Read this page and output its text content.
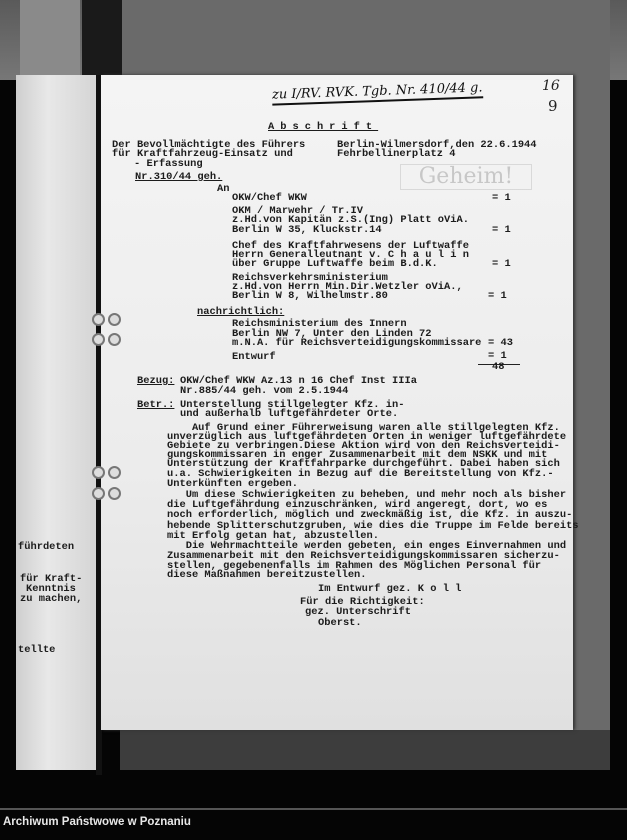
führdeten
für Kraft-
Kenntnis
zu machen,
tellte
zu I/RV. RVK. Tgb. Nr. 410/44 g.	16
9
Geheim!
Abschrift
Der Bevollmächtigte des Führers
für Kraftfahrzeug-Einsatz und
- Erfassung
Berlin-Wilmersdorf,den 22.6.1944
Fehrbellinerplatz 4
Nr.310/44 geh.
An
OKW/Chef WKW	= 1
OKM / Marwehr / Tr.IV
z.Hd.von Kapitän z.S.(Ing) Platt oViA.
Berlin W 35, Kluckstr.14	= 1
Chef des Kraftfahrwesens der Luftwaffe
Herrn Generalleutnant v. C h a u l i n
über Gruppe Luftwaffe beim B.d.K.	= 1
Reichsverkehrsministerium
z.Hd.von Herrn Min.Dir.Wetzler oViA.,
Berlin W 8, Wilhelmstr.80	= 1
nachrichtlich:
Reichsministerium des Innern
Berlin NW 7, Unter den Linden 72
m.N.A. für Reichsverteidigungskommissare = 43
Entwurf	= 1
48
Bezug: OKW/Chef WKW Az.13 n 16 Chef Inst IIIa
Nr.885/44 geh. vom 2.5.1944
Betr.: Unterstellung stillgelegter Kfz. in-
und außerhalb luftgefährdeter Orte.
Auf Grund einer Führerweisung waren alle stillgelegten Kfz.
unverzüglich aus luftgefährdeten Orten in weniger luftgefährdete
Gebiete zu verbringen.Diese Aktion wird von den Reichsverteidi-
gungskommissaren in enger Zusammenarbeit mit dem NSKK und mit
Unterstützung der Kraftfahrparke durchgeführt. Dabei haben sich
u.a. Schwierigkeiten in Bezug auf die Bereitstellung von Kfz.-
Unterkünften ergeben.
Um diese Schwierigkeiten zu beheben, und mehr noch als bisher
die Luftgefährdung einzuschränken, wird angeregt, dort, wo es
noch erforderlich, möglich und zweckmäßig ist, die Kfz. in auszu-
hebende Splitterschutzgruben, wie dies die Truppe im Felde bereits
mit Erfolg getan hat, abzustellen.
Die Wehrmachtteile werden gebeten, ein enges Einvernahmen und
Zusammenarbeit mit den Reichsverteidigungskommissaren sicherzu-
stellen, gegebenenfalls im Rahmen des Möglichen Personal für
diese Maßnahmen bereitzustellen.
Im Entwurf gez. K o l l
Für die Richtigkeit:
gez. Unterschrift
Oberst.
Archiwum Państwowe w Poznaniu
